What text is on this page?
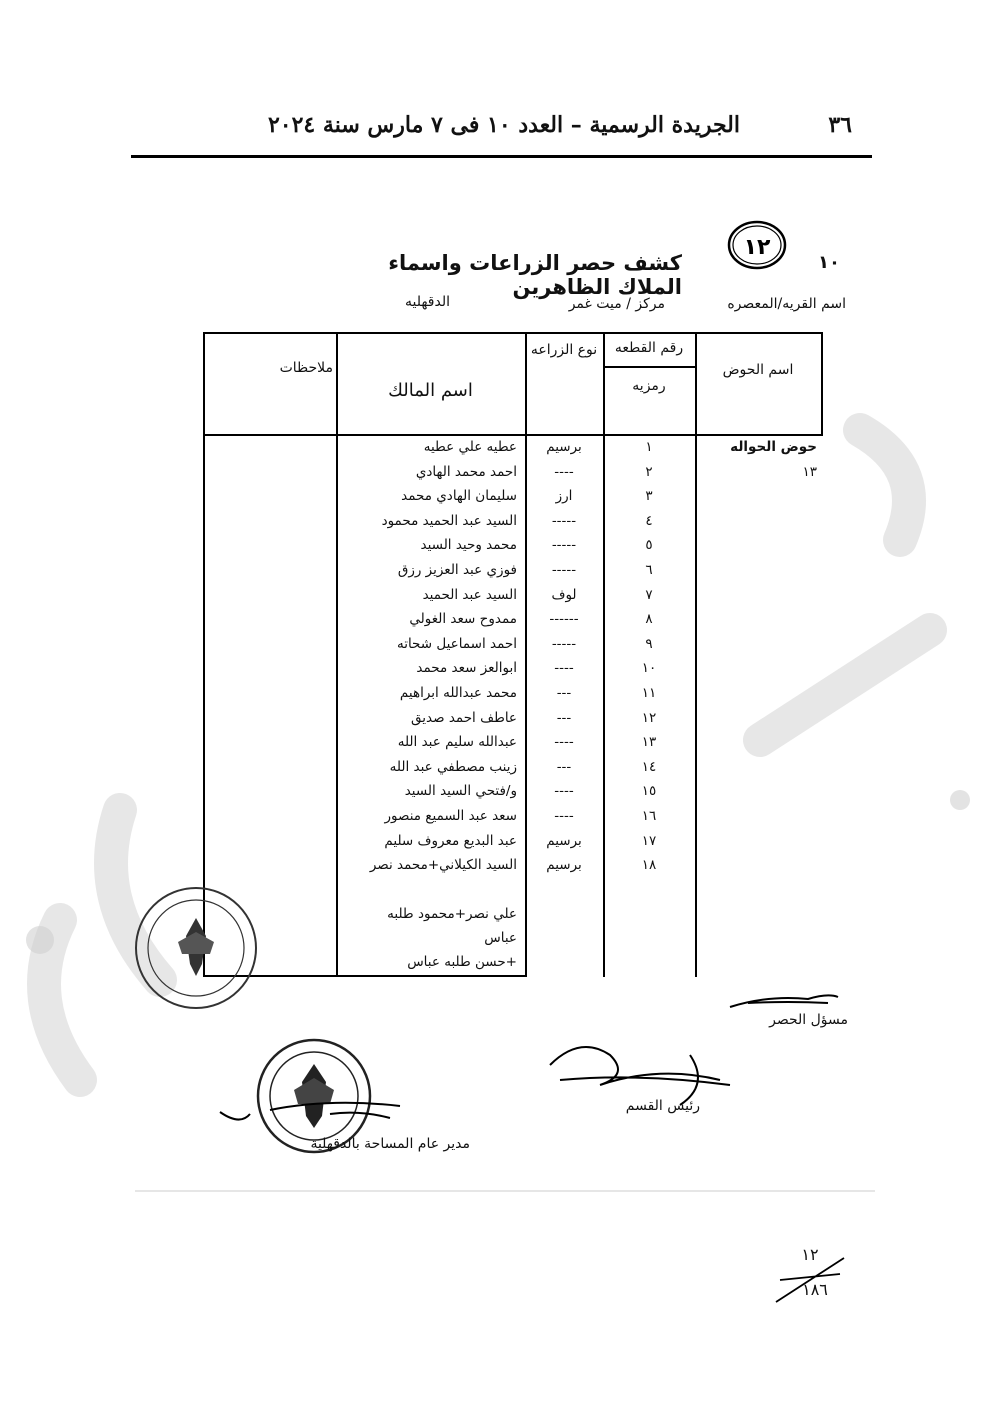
٣٦
الجريدة الرسمية – العدد ١٠ فى ٧ مارس سنة ٢٠٢٤
١٢
١٠
كشف حصر الزراعات واسماء الملاك الظاهرين
اسم القريه/المعصره
مركز / ميت غمر
الدقهليه
اسم الحوض
رقم القطعه
رمزيه
نوع الزراعه
اسم المالك
ملاحظات
حوض الحواله
١٣
١
برسيم
عطيه علي عطيه
٢
----
احمد محمد الهادي
٣
ارز
سليمان الهادي محمد
٤
-----
السيد عبد الحميد محمود
٥
-----
محمد وحيد السيد
٦
-----
فوزي عبد العزيز رزق
٧
لوف
السيد عبد الحميد
٨
------
ممدوح سعد الغولي
٩
-----
احمد اسماعيل شحاته
١٠
----
ابوالعز سعد محمد
١١
---
محمد عبدالله ابراهيم
١٢
---
عاطف احمد صديق
١٣
----
عبدالله سليم عبد الله
١٤
---
زينب مصطفي عبد الله
١٥
----
و/فتحي السيد السيد
١٦
----
سعد عبد السميع منصور
١٧
برسيم
عبد البديع معروف سليم
١٨
برسيم
السيد الكيلاني+محمد نصر
علي نصر+محمود طلبه
عباس
+حسن طلبه عباس
مسؤل الحصر
رئيس القسم
مدير عام المساحة بالدقهلية
١٢
١٨٦
